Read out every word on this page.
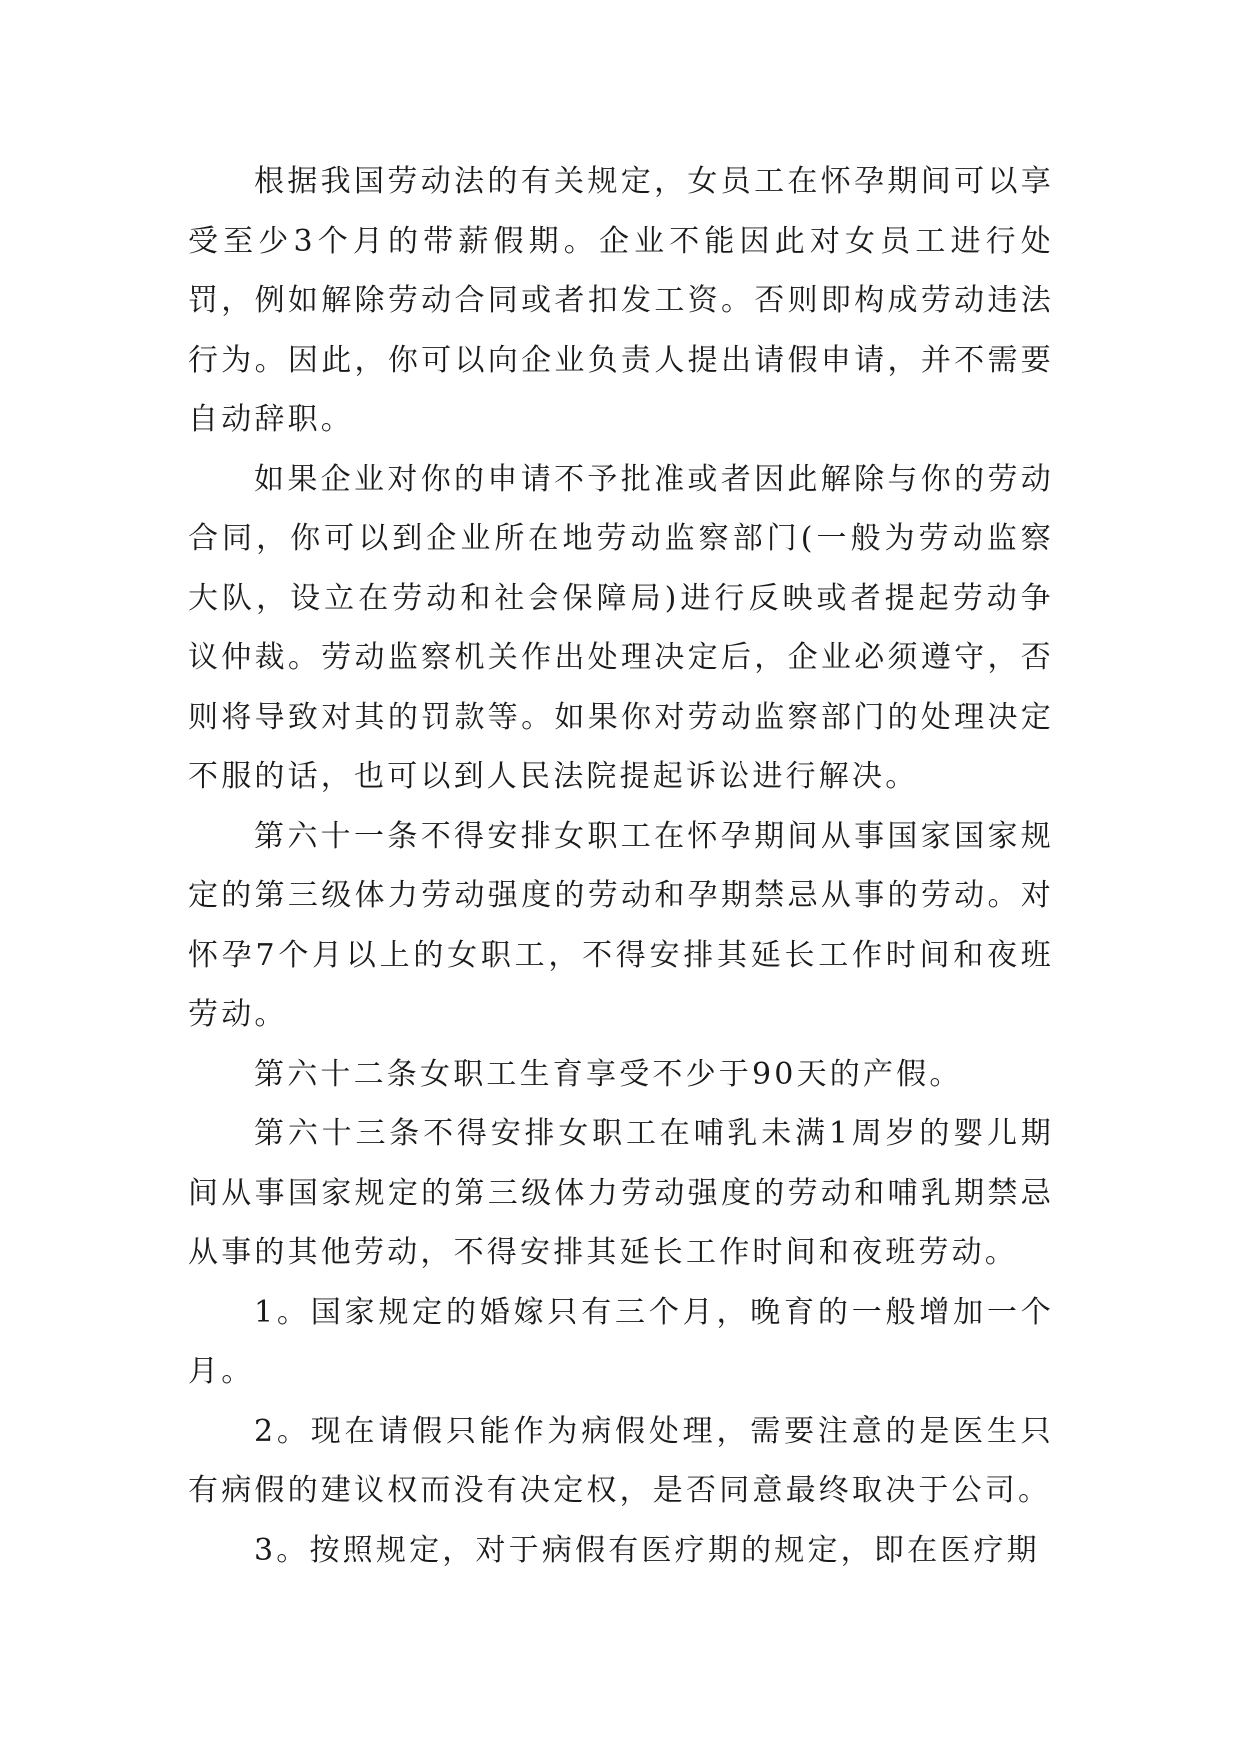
根据我国劳动法的有关规定，女员工在怀孕期间可以享受至少3个月的带薪假期。企业不能因此对女员工进行处罚，例如解除劳动合同或者扣发工资。否则即构成劳动违法行为。因此，你可以向企业负责人提出请假申请，并不需要自动辞职。

如果企业对你的申请不予批准或者因此解除与你的劳动合同，你可以到企业所在地劳动监察部门(一般为劳动监察大队，设立在劳动和社会保障局)进行反映或者提起劳动争议仲裁。劳动监察机关作出处理决定后，企业必须遵守，否则将导致对其的罚款等。如果你对劳动监察部门的处理决定不服的话，也可以到人民法院提起诉讼进行解决。

第六十一条不得安排女职工在怀孕期间从事国家国家规定的第三级体力劳动强度的劳动和孕期禁忌从事的劳动。对怀孕7个月以上的女职工，不得安排其延长工作时间和夜班劳动。

第六十二条女职工生育享受不少于90天的产假。

第六十三条不得安排女职工在哺乳未满1周岁的婴儿期间从事国家规定的第三级体力劳动强度的劳动和哺乳期禁忌从事的其他劳动，不得安排其延长工作时间和夜班劳动。

1。国家规定的婚嫁只有三个月，晚育的一般增加一个月。

2。现在请假只能作为病假处理，需要注意的是医生只有病假的建议权而没有决定权，是否同意最终取决于公司。

3。按照规定，对于病假有医疗期的规定，即在医疗期
